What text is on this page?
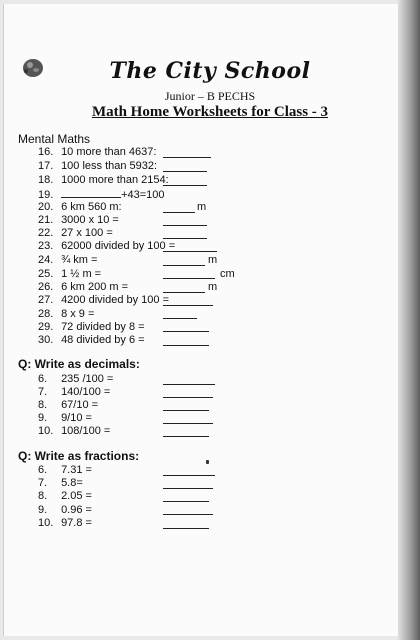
The City School
Junior – B PECHS
Math Home Worksheets for Class - 3
Mental Maths
16. 10 more than 4637:
17. 100 less than 5932:
18. 1000 more than 2154:
19.	+43=100
20. 6 km 560 m:	m
21. 3000 x 10 =
22. 27 x 100 =
23. 62000 divided by 100 =
24. ¾ km =	m
25. 1 ½ m =	cm
26. 6 km 200 m =	m
27. 4200 divided by 100 =
28. 8 x 9 =
29. 72 divided by 8 =
30. 48 divided by 6 =
Q: Write as decimals:
6. 235 /100 =
7. 140/100 =
8. 67/10 =
9. 9/10 =
10. 108/100 =
Q: Write as fractions:
6. 7.31 =
7. 5.8=
8. 2.05 =
9. 0.96 =
10. 97.8 =
